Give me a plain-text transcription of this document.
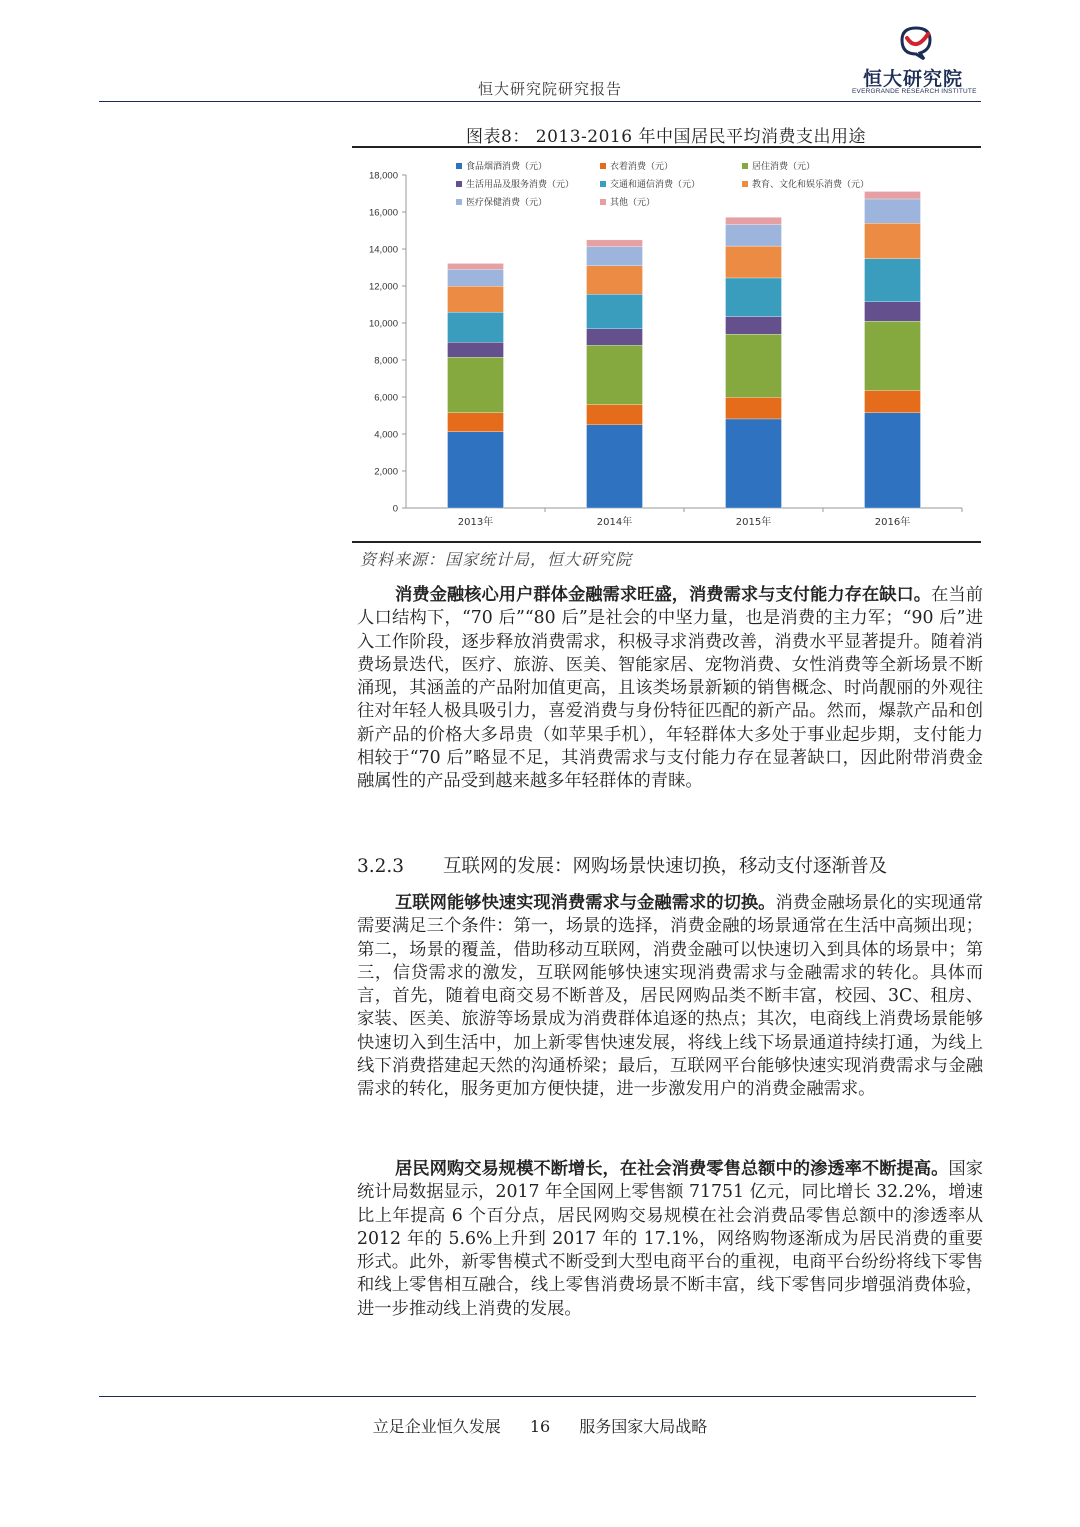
恒大研究院
EVERGRANDE RESEARCH INSTITUTE
恒大研究院研究报告
图表8： 2013-2016 年中国居民平均消费支出用途
0
2,000
4,000
6,000
8,000
10,000
12,000
14,000
16,000
18,000
2013年	2014年	2015年	2016年
食品烟酒消费（元）	衣着消费（元）	居住消费（元）
生活用品及服务消费（元）	交通和通信消费（元）	教育、文化和娱乐消费（元）
医疗保健消费（元）	其他（元）
资料来源：国家统计局，恒大研究院

消费金融核心用户群体金融需求旺盛，消费需求与支付能力存在缺口。在当前人口结构下，“70 后”“80 后”是社会的中坚力量，也是消费的主力军；“90 后”进入工作阶段，逐步释放消费需求，积极寻求消费改善，消费水平显著提升。随着消费场景迭代，医疗、旅游、医美、智能家居、宠物消费、女性消费等全新场景不断涌现，其涵盖的产品附加值更高，且该类场景新颖的销售概念、时尚靓丽的外观往往对年轻人极具吸引力，喜爱消费与身份特征匹配的新产品。然而，爆款产品和创新产品的价格大多昂贵（如苹果手机），年轻群体大多处于事业起步期，支付能力相较于“70 后”略显不足，其消费需求与支付能力存在显著缺口，因此附带消费金融属性的产品受到越来越多年轻群体的青睐。

3.2.3 互联网的发展：网购场景快速切换，移动支付逐渐普及

互联网能够快速实现消费需求与金融需求的切换。消费金融场景化的实现通常需要满足三个条件：第一，场景的选择，消费金融的场景通常在生活中高频出现；第二，场景的覆盖，借助移动互联网，消费金融可以快速切入到具体的场景中；第三，信贷需求的激发，互联网能够快速实现消费需求与金融需求的转化。具体而言，首先，随着电商交易不断普及，居民网购品类不断丰富，校园、3C、租房、家装、医美、旅游等场景成为消费群体追逐的热点；其次，电商线上消费场景能够快速切入到生活中，加上新零售快速发展，将线上线下场景通道持续打通，为线上线下消费搭建起天然的沟通桥梁；最后，互联网平台能够快速实现消费需求与金融需求的转化，服务更加方便快捷，进一步激发用户的消费金融需求。

居民网购交易规模不断增长，在社会消费零售总额中的渗透率不断提高。国家统计局数据显示，2017 年全国网上零售额 71751 亿元，同比增长 32.2%，增速比上年提高 6 个百分点，居民网购交易规模在社会消费品零售总额中的渗透率从 2012 年的 5.6%上升到 2017 年的 17.1%，网络购物逐渐成为居民消费的重要形式。此外，新零售模式不断受到大型电商平台的重视，电商平台纷纷将线下零售和线上零售相互融合，线上零售消费场景不断丰富，线下零售同步增强消费体验，进一步推动线上消费的发展。

立足企业恒久发展 16 服务国家大局战略
